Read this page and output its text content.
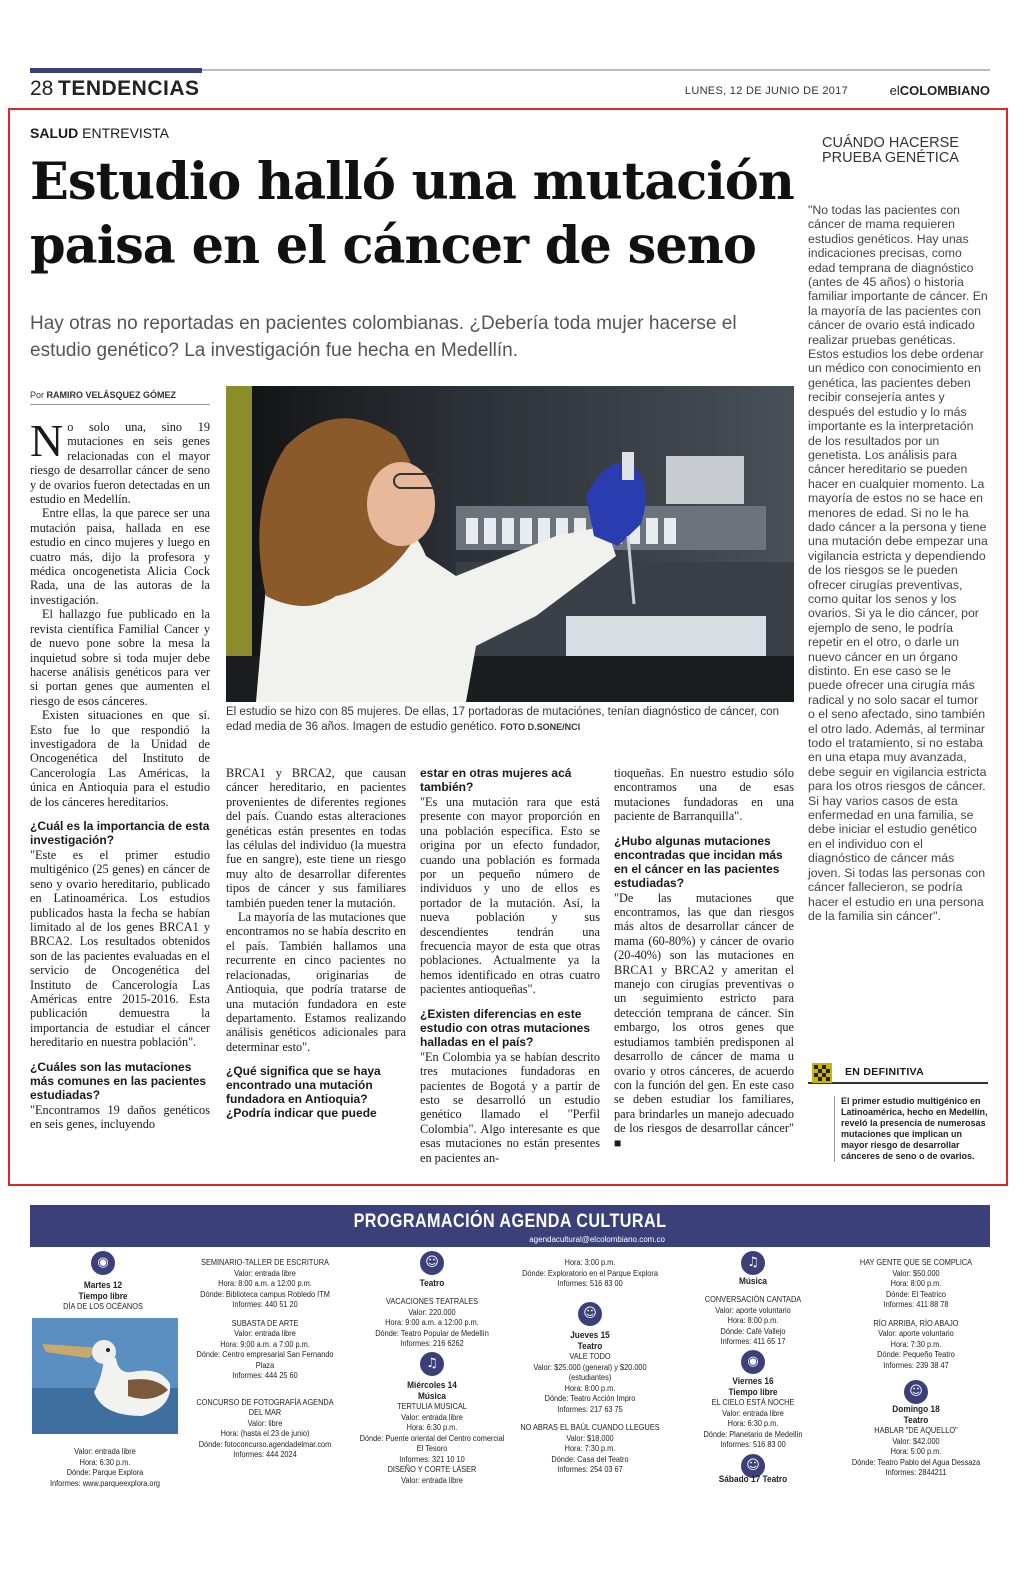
28 TENDENCIAS	LUNES, 12 DE JUNIO DE 2017	elCOLOMBIANO
SALUD ENTREVISTA
Estudio halló una mutación paisa en el cáncer de seno
Hay otras no reportadas en pacientes colombianas. ¿Debería toda mujer hacerse el estudio genético? La investigación fue hecha en Medellín.
Por RAMIRO VELÁSQUEZ GÓMEZ
El estudio se hizo con 85 mujeres. De ellas, 17 portadoras de mutaciónes, tenían diagnóstico de cáncer, con edad media de 36 años. Imagen de estudio genético. FOTO D.SONE/NCI

No solo una, sino 19 mutaciones en seis genes relacionadas con el mayor riesgo de desarrollar cáncer de seno y de ovarios fueron detectadas en un estudio en Medellín.

Entre ellas, la que parece ser una mutación paisa, hallada en ese estudio en cinco mujeres y luego en cuatro más, dijo la profesora y médica oncogenetista Alicia Cock Rada, una de las autoras de la investigación.

El hallazgo fue publicado en la revista científica Familial Cancer y de nuevo pone sobre la mesa la inquietud sobre si toda mujer debe hacerse análisis genéticos para ver si portan genes que aumenten el riesgo de esos cánceres.

Existen situaciones en que sí. Esto fue lo que respondió la investigadora de la Unidad de Oncogenética del Instituto de Cancerología Las Américas, la única en Antioquia para el estudio de los cánceres hereditarios.

¿Cuál es la importancia de esta investigación?

"Este es el primer estudio multigénico (25 genes) en cáncer de seno y ovario hereditario, publicado en Latinoamérica. Los estudios publicados hasta la fecha se habían limitado al de los genes BRCA1 y BRCA2. Los resultados obtenidos son de las pacientes evaluadas en el servicio de Oncogenética del Instituto de Cancerología Las Américas entre 2015-2016. Esta publicación demuestra la importancia de estudiar el cáncer hereditario en nuestra población".

¿Cuáles son las mutaciones más comunes en las pacientes estudiadas?

"Encontramos 19 daños genéticos en seis genes, incluyendo

BRCA1 y BRCA2, que causan cáncer hereditario, en pacientes provenientes de diferentes regiones del país. Cuando estas alteraciones genéticas están presentes en todas las células del individuo (la muestra fue en sangre), este tiene un riesgo muy alto de desarrollar diferentes tipos de cáncer y sus familiares también pueden tener la mutación.

La mayoría de las mutaciones que encontramos no se había descrito en el país. También hallamos una recurrente en cinco pacientes no relacionadas, originarias de Antioquia, que podría tratarse de una mutación fundadora en este departamento. Estamos realizando análisis genéticos adicionales para determinar esto".

¿Qué significa que se haya encontrado una mutación fundadora en Antioquia? ¿Podría indicar que puede
estar en otras mujeres acá también?

"Es una mutación rara que está presente con mayor proporción en una población específica. Esto se origina por un efecto fundador, cuando una población es formada por un pequeño número de individuos y uno de ellos es portador de la mutación. Así, la nueva población y sus descendientes tendrán una frecuencia mayor de esta que otras poblaciones. Actualmente ya la hemos identificado en otras cuatro pacientes antioqueñas".

¿Existen diferencias en este estudio con otras mutaciones halladas en el país?

"En Colombia ya se habían descrito tres mutaciones fundadoras en pacientes de Bogotá y a partir de esto se desarrolló un estudio genético llamado el "Perfil Colombia". Algo interesante es que esas mutaciones no están presentes en pacientes an-

tioqueñas. En nuestro estudio sólo encontramos una de esas mutaciones fundadoras en una paciente de Barranquilla".

¿Hubo algunas mutaciones encontradas que incidan más en el cáncer en las pacientes estudiadas?

"De las mutaciones que encontramos, las que dan riesgos más altos de desarrollar cáncer de mama (60-80%) y cáncer de ovario (20-40%) son las mutaciones en BRCA1 y BRCA2 y ameritan el manejo con cirugías preventivas o un seguimiento estricto para detección temprana de cáncer. Sin embargo, los otros genes que estudiamos también predisponen al desarrollo de cáncer de mama u ovario y otros cánceres, de acuerdo con la función del gen. En este caso se deben estudiar los familiares, para brindarles un manejo adecuado de los riesgos de desarrollar cáncer" ■

CUÁNDO HACERSE PRUEBA GENÉTICA
"No todas las pacientes con cáncer de mama requieren estudios genéticos. Hay unas indicaciones precisas, como edad temprana de diagnóstico (antes de 45 años) o historia familiar importante de cáncer. En la mayoría de las pacientes con cáncer de ovario está indicado realizar pruebas genéticas. Estos estudios los debe ordenar un médico con conocimiento en genética, las pacientes deben recibir consejería antes y después del estudio y lo más importante es la interpretación de los resultados por un genetista. Los análisis para cáncer hereditario se pueden hacer en cualquier momento. La mayoría de estos no se hace en menores de edad. Si no le ha dado cáncer a la persona y tiene una mutación debe empezar una vigilancia estricta y dependiendo de los riesgos se le pueden ofrecer cirugías preventivas, como quitar los senos y los ovarios. Si ya le dio cáncer, por ejemplo de seno, le podría repetir en el otro, o darle un nuevo cáncer en un órgano distinto. En ese caso se le puede ofrecer una cirugía más radical y no solo sacar el tumor o el seno afectado, sino también el otro lado. Además, al terminar todo el tratamiento, si no estaba en una etapa muy avanzada, debe seguir en vigilancia estricta para los otros riesgos de cáncer. Si hay varios casos de esta enfermedad en una familia, se debe iniciar el estudio genético en el individuo con el diagnóstico de cáncer más joven. Si todas las personas con cáncer fallecieron, se podría hacer el estudio en una persona de la familia sin cáncer".
EN DEFINITIVA
El primer estudio multigénico en Latinoamérica, hecho en Medellín, reveló la presencia de numerosas mutaciones que implican un mayor riesgo de desarrollar cánceres de seno o de ovarios.
PROGRAMACIÓN AGENDA CULTURAL
agendacultural@elcolombiano.com.co
◉
Martes 12
Tiempo libre
DÍA DE LOS OCÉANOS
Valor: entrada libre
Hora: 6:30 p.m.
Dónde: Parque Explora
Informes: www.parqueexplora.org
SEMINARIO-TALLER DE ESCRITURA
Valor: entrada libre
Hora: 8:00 a.m. a 12:00 p.m.
Dónde: Biblioteca campus Robledo ITM
Informes: 440 51 20
SUBASTA DE ARTE
Valor: entrada libre
Hora: 9:00 a.m. a 7:00 p.m.
Dónde: Centro empresarial San Fernando Plaza
Informes: 444 25 60
CONCURSO DE FOTOGRAFÍA AGENDA DEL MAR
Valor: libre
Hora: (hasta el 23 de junio)
Dónde: fotoconcurso.agendadelmar.com
Informes: 444 2024
☺
Teatro
VACACIONES TEATRALES
Valor: 220.000
Hora: 9:00 a.m. a 12:00 p.m.
Dónde: Teatro Popular de Medellín
Informes: 216 6262
♫
Miércoles 14
Música
TERTULIA MUSICAL
Valor: entrada libre
Hora: 6:30 p.m.
Dónde: Puente oriental del Centro comercial El Tesoro
Informes: 321 10 10
DISEÑO Y CORTE LÁSER
Valor: entrada libre
Hora: 3:00 p.m.
Dónde: Exploratorio en el Parque Explora
Informes: 516 83 00
☺
Jueves 15
Teatro
VALE TODO
Valor: $25.000 (general) y $20.000 (estudiantes)
Hora: 8:00 p.m.
Dónde: Teatro Acción Impro
Informes: 217 63 75
NO ABRAS EL BAÚL CUANDO LLEGUES
Valor: $18.000
Hora: 7:30 p.m.
Dónde: Casa del Teatro
Informes: 254 03 67
♫
Música
CONVERSACIÓN CANTADA
Valor: aporte voluntario
Hora: 8:00 p.m.
Dónde: Café Vallejo
Informes: 411 65 17
◉
Viernes 16
Tiempo libre
EL CIELO ESTÁ NOCHE
Valor: entrada libre
Hora: 6:30 p.m.
Dónde: Planetario de Medellín
Informes: 516 83 00
☺
Sábado 17 Teatro
HAY GENTE QUE SE COMPLICA
Valor: $50.000
Hora: 8:00 p.m.
Dónde: El Teatrico
Informes: 411 88 78
RÍO ARRIBA, RÍO ABAJO
Valor: aporte voluntario
Hora: 7:30 p.m.
Dónde: Pequeño Teatro
Informes: 239 38 47
☺
Domingo 18
Teatro
HABLAR "DE AQUELLO"
Valor: $42.000
Hora: 5:00 p.m.
Dónde: Teatro Pablo del Agua Dessaza
Informes: 2844211
